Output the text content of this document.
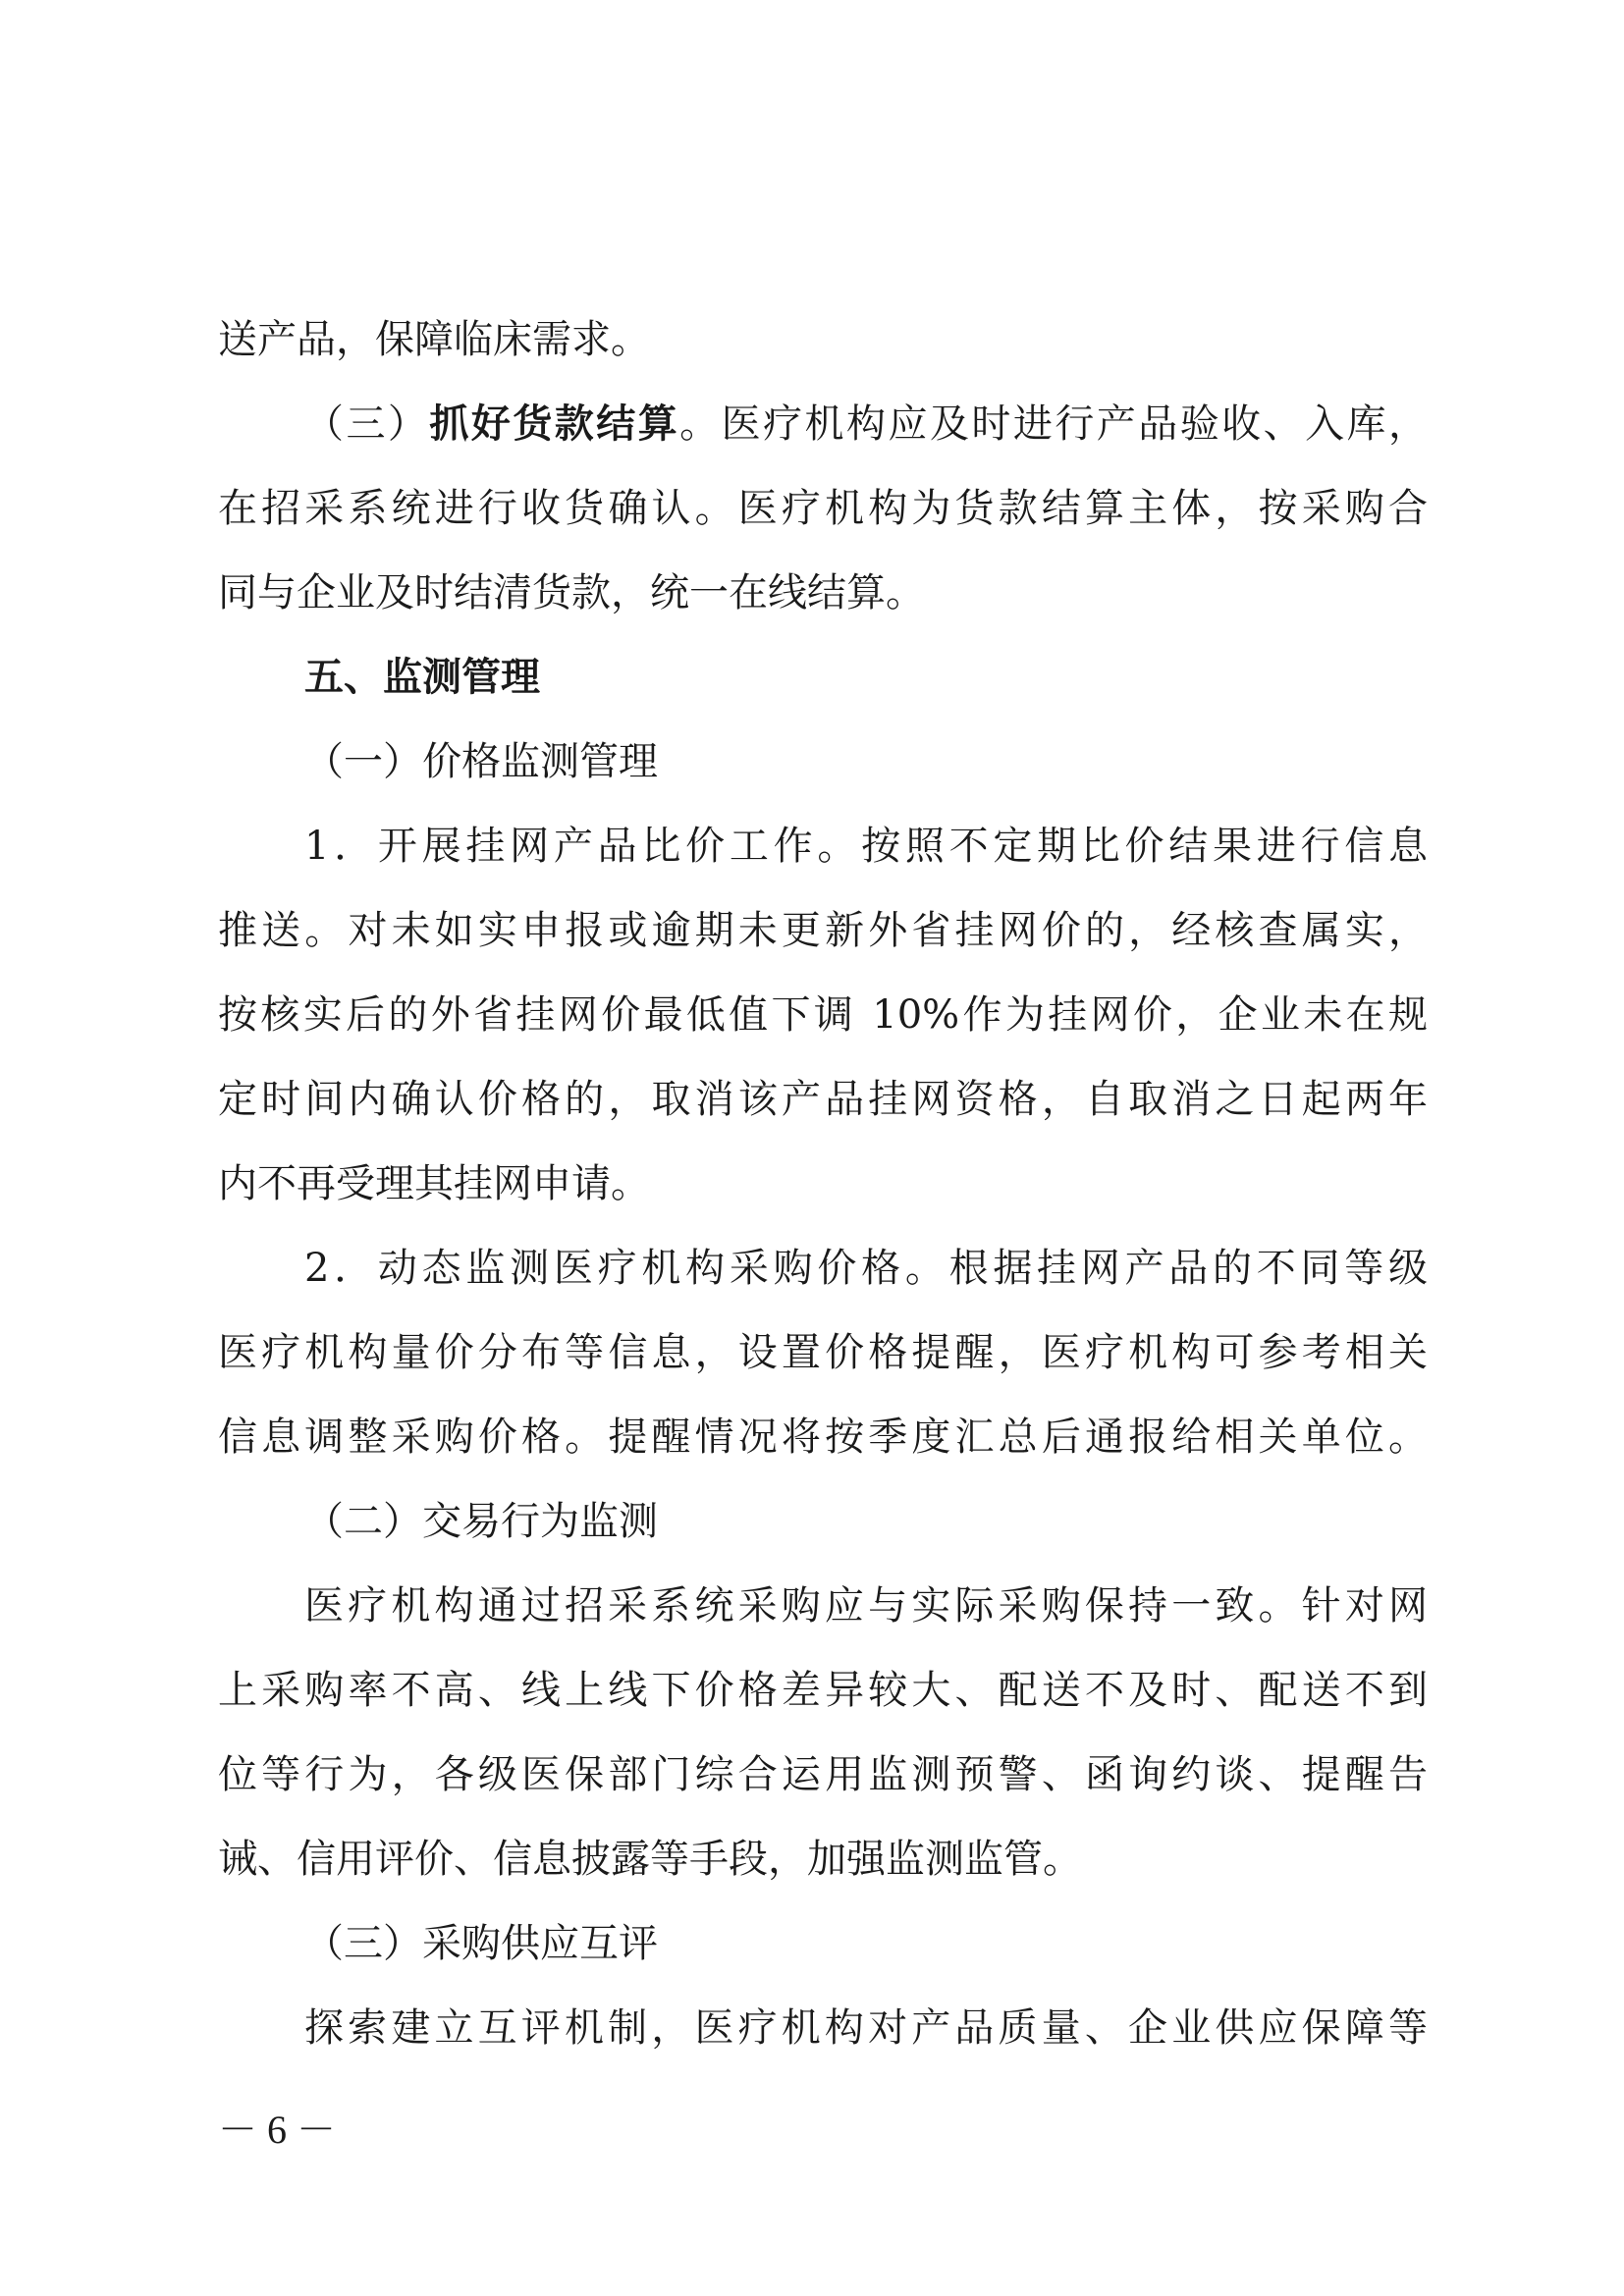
送产品，保障临床需求。
（三）抓好货款结算。医疗机构应及时进行产品验收、入库，
在招采系统进行收货确认。医疗机构为货款结算主体，按采购合
同与企业及时结清货款，统一在线结算。
五、监测管理
（一）价格监测管理
1．开展挂网产品比价工作。按照不定期比价结果进行信息
推送。对未如实申报或逾期未更新外省挂网价的，经核查属实，
按核实后的外省挂网价最低值下调 10%作为挂网价，企业未在规
定时间内确认价格的，取消该产品挂网资格，自取消之日起两年
内不再受理其挂网申请。
2．动态监测医疗机构采购价格。根据挂网产品的不同等级
医疗机构量价分布等信息，设置价格提醒，医疗机构可参考相关
信息调整采购价格。提醒情况将按季度汇总后通报给相关单位。
（二）交易行为监测
医疗机构通过招采系统采购应与实际采购保持一致。针对网
上采购率不高、线上线下价格差异较大、配送不及时、配送不到
位等行为，各级医保部门综合运用监测预警、函询约谈、提醒告
诫、信用评价、信息披露等手段，加强监测监管。
（三）采购供应互评
探索建立互评机制，医疗机构对产品质量、企业供应保障等
－ 6 －
